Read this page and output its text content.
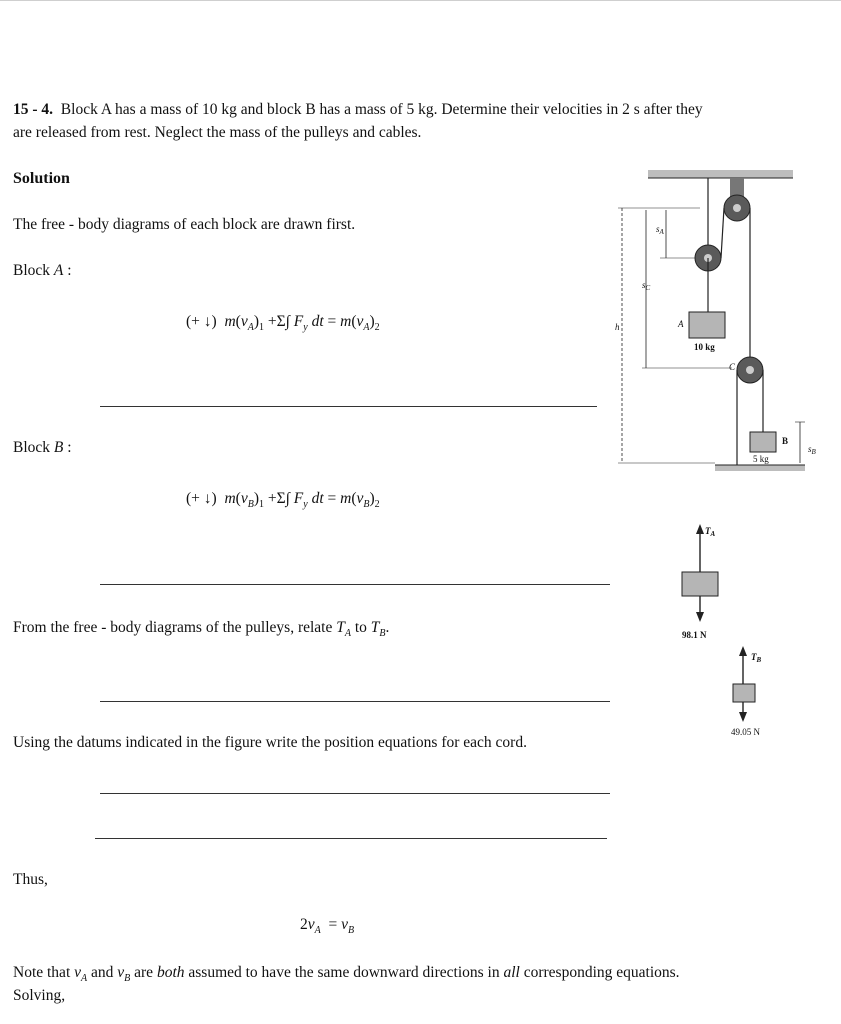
15 - 4. Block A has a mass of 10 kg and block B has a mass of 5 kg. Determine their velocities in 2 s after they
are released from rest. Neglect the mass of the pulleys and cables.
Solution
The free - body diagrams of each block are drawn first.
Block A :
(+ ↓) $m(v_A)_1 +\Sigma\int$ $F_y$ dt = $m(v_A)_2$
Block B :
(+ ↓) $m(v_B)_1 +\Sigma\int$ $F_y$ dt = $m(v_B)_2$
From the free - body diagrams of the pulleys, relate $T_A$ to $T_B$.
Using the datums indicated in the figure write the position equations for each cord.
Thus,
$2v_A = v_B$
Note that $v_A$ and $v_B$ are both assumed to have the same downward directions in all corresponding equations.
Solving,
A
10 kg
C
B
5 kg
h
$s_A$
$s_C$
$s_B$
$T_A$
98.1 N
$T_B$
49.05 N
